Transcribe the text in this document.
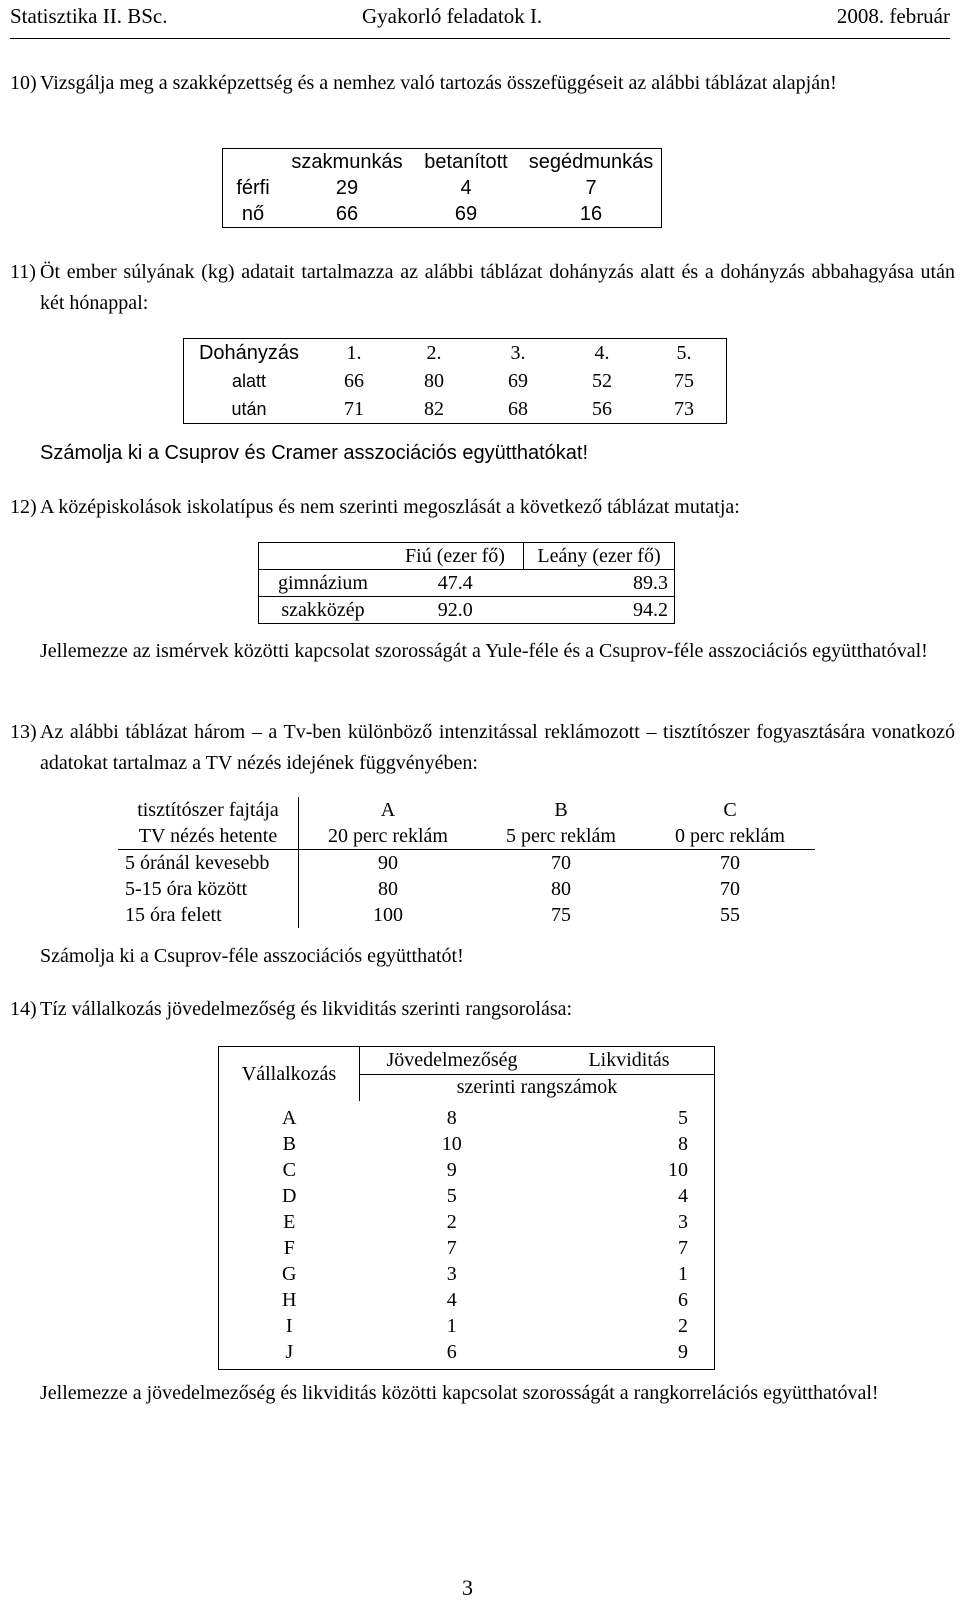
Statisztika II. BSc.	Gyakorló feladatok I.	2008. február
10) Vizsgálja meg a szakképzettség és a nemhez való tartozás összefüggéseit az alábbi táblázat alapján!
	szakmunkás	betanított	segédmunkás
férfi	29	4	7
nő	66	69	16
11) Öt ember súlyának (kg) adatait tartalmazza az alábbi táblázat dohányzás alatt és a dohányzás abbahagyása után két hónappal:
Dohányzás	1.	2.	3.	4.	5.
alatt	66	80	69	52	75
után	71	82	68	56	73
Számolja ki a Csuprov és Cramer asszociációs együtthatókat!
12) A középiskolások iskolatípus és nem szerinti megoszlását a következő táblázat mutatja:
	Fiú (ezer fő)	Leány (ezer fő)
gimnázium	47.4	89.3
szakközép	92.0	94.2
Jellemezze az ismérvek közötti kapcsolat szorosságát a Yule-féle és a Csuprov-féle asszociációs együtthatóval!
13) Az alábbi táblázat három – a Tv-ben különböző intenzitással reklámozott – tisztítószer fogyasztására vonatkozó adatokat tartalmaz a TV nézés idejének függvényében:
tisztítószer fajtája	A	B	C
TV nézés hetente	20 perc reklám	5 perc reklám	0 perc reklám
5 óránál kevesebb	90	70	70
5-15 óra között	80	80	70
15 óra felett	100	75	55
Számolja ki a Csuprov-féle asszociációs együtthatót!
14) Tíz vállalkozás jövedelmezőség és likviditás szerinti rangsorolása:
Vállalkozás	Jövedelmezőség	Likviditás
	szerinti rangszámok	
A	8	5
B	10	8
C	9	10
D	5	4
E	2	3
F	7	7
G	3	1
H	4	6
I	1	2
J	6	9
Jellemezze a jövedelmezőség és likviditás közötti kapcsolat szorosságát a rangkorrelációs együtthatóval!
3
